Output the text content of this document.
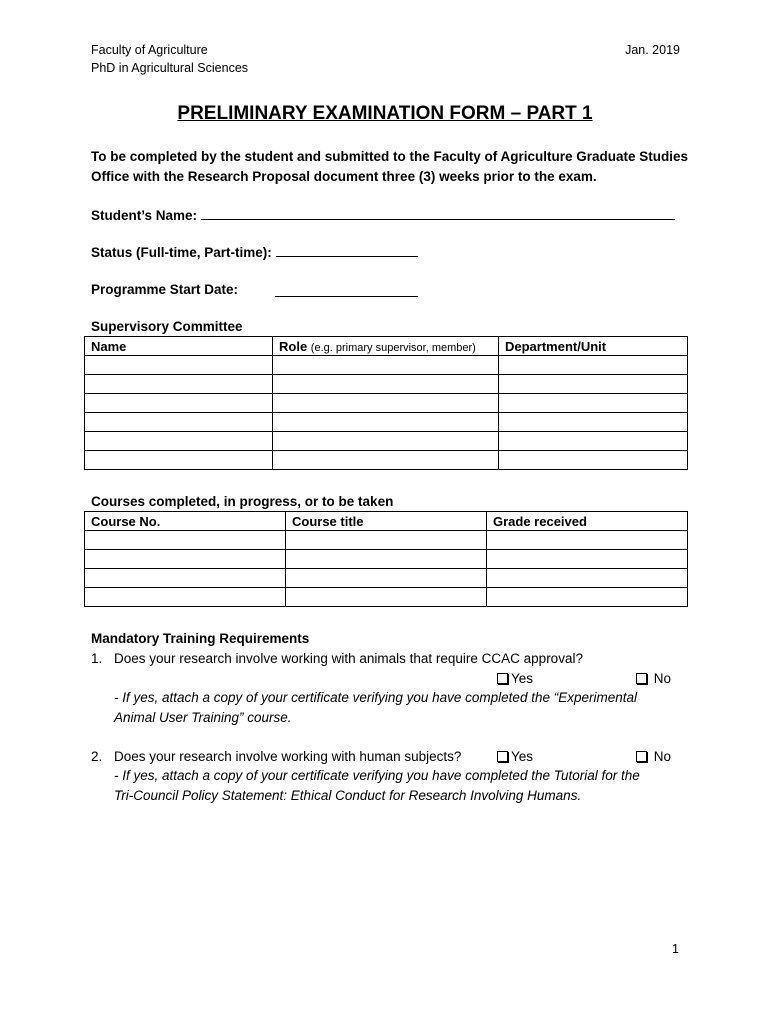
Faculty of Agriculture
PhD in Agricultural Sciences
Jan. 2019
PRELIMINARY EXAMINATION FORM – PART 1
To be completed by the student and submitted to the Faculty of Agriculture Graduate Studies Office with the Research Proposal document three (3) weeks prior to the exam.
Student’s Name:
Status (Full-time, Part-time):
Programme Start Date:
Supervisory Committee
Name	Role (e.g. primary supervisor, member)	Department/Unit

Courses completed, in progress, or to be taken
Course No.	Course title	Grade received

Mandatory Training Requirements
1. Does your research involve working with animals that require CCAC approval?
Yes	No
- If yes, attach a copy of your certificate verifying you have completed the “Experimental
Animal User Training” course.
2. Does your research involve working with human subjects?	Yes	No
- If yes, attach a copy of your certificate verifying you have completed the Tutorial for the
Tri-Council Policy Statement: Ethical Conduct for Research Involving Humans.
1
